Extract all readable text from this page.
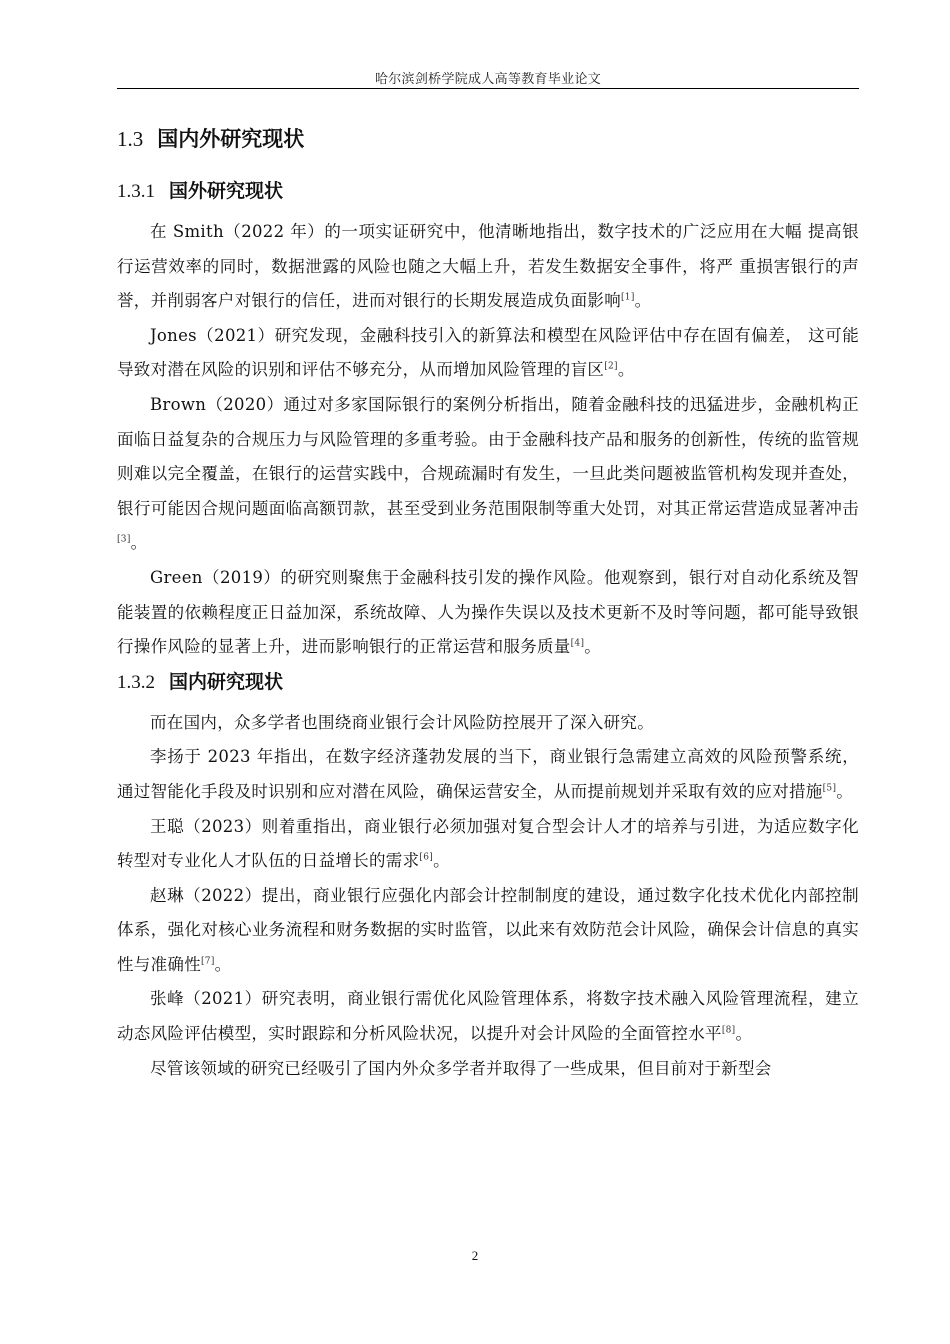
哈尔滨剑桥学院成人高等教育毕业论文
1.3 国内外研究现状
1.3.1 国外研究现状

在 Smith（2022 年）的一项实证研究中，他清晰地指出，数字技术的广泛应用在大幅 提高银行运营效率的同时，数据泄露的风险也随之大幅上升，若发生数据安全事件，将严 重损害银行的声誉，并削弱客户对银行的信任，进而对银行的长期发展造成负面影响[1]。

Jones（2021）研究发现，金融科技引入的新算法和模型在风险评估中存在固有偏差， 这可能导致对潜在风险的识别和评估不够充分，从而增加风险管理的盲区[2]。

Brown（2020）通过对多家国际银行的案例分析指出，随着金融科技的迅猛进步，金融机构正面临日益复杂的合规压力与风险管理的多重考验。由于金融科技产品和服务的创新性，传统的监管规则难以完全覆盖，在银行的运营实践中，合规疏漏时有发生，一旦此类问题被监管机构发现并查处，银行可能因合规问题面临高额罚款，甚至受到业务范围限制等重大处罚，对其正常运营造成显著冲击[3]。

Green（2019）的研究则聚焦于金融科技引发的操作风险。他观察到，银行对自动化系统及智能装置的依赖程度正日益加深，系统故障、人为操作失误以及技术更新不及时等问题，都可能导致银行操作风险的显著上升，进而影响银行的正常运营和服务质量[4]。

1.3.2 国内研究现状

而在国内，众多学者也围绕商业银行会计风险防控展开了深入研究。

李扬于 2023 年指出，在数字经济蓬勃发展的当下，商业银行急需建立高效的风险预警系统，通过智能化手段及时识别和应对潜在风险，确保运营安全，从而提前规划并采取有效的应对措施[5]。

王聪（2023）则着重指出，商业银行必须加强对复合型会计人才的培养与引进，为适应数字化转型对专业化人才队伍的日益增长的需求[6]。

赵琳（2022）提出，商业银行应强化内部会计控制制度的建设，通过数字化技术优化内部控制体系，强化对核心业务流程和财务数据的实时监管，以此来有效防范会计风险，确保会计信息的真实性与准确性[7]。

张峰（2021）研究表明，商业银行需优化风险管理体系，将数字技术融入风险管理流程，建立动态风险评估模型，实时跟踪和分析风险状况，以提升对会计风险的全面管控水平[8]。

尽管该领域的研究已经吸引了国内外众多学者并取得了一些成果，但目前对于新型会

2
